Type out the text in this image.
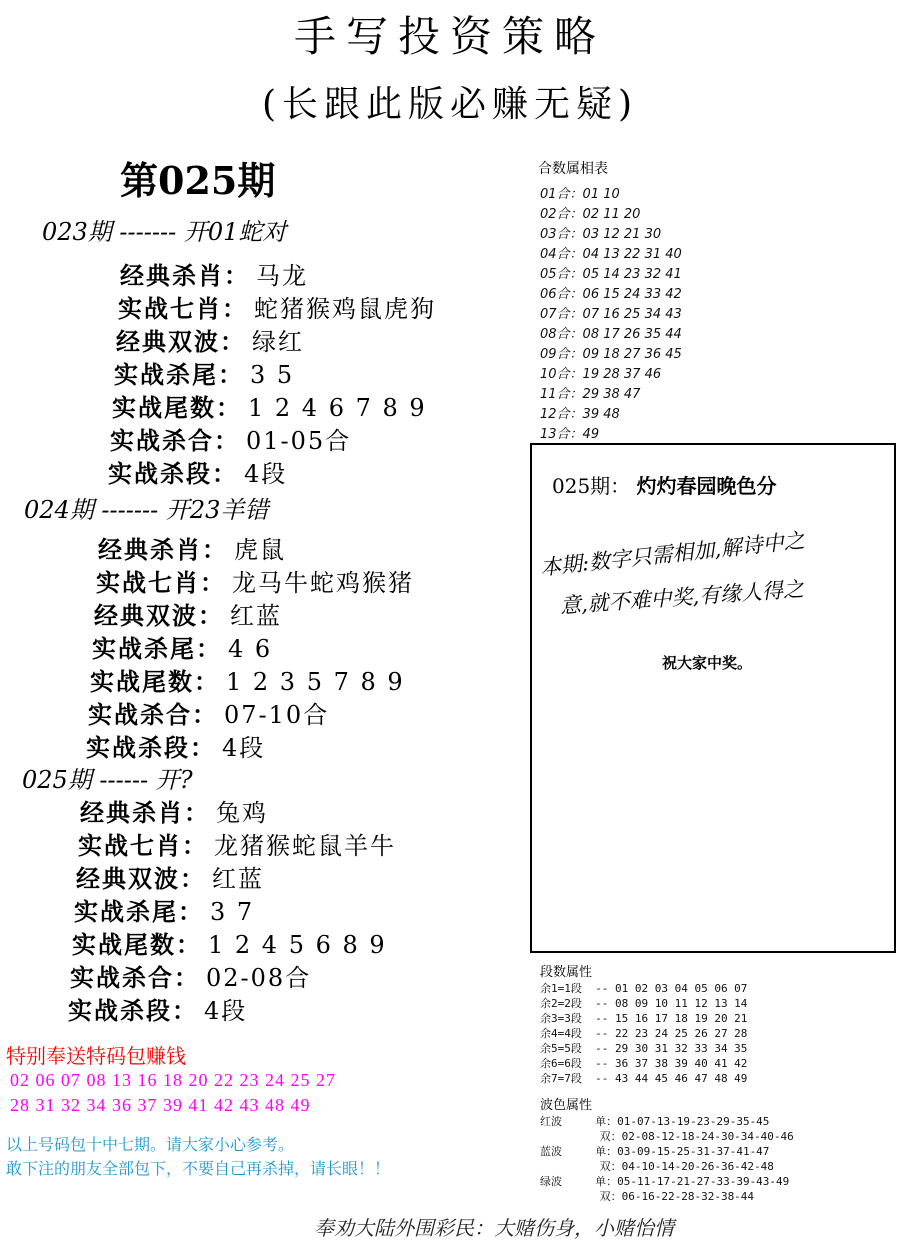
手写投资策略
(长跟此版必赚无疑)
第025期
023期 ------- 开01蛇对
经典杀肖： 马龙
实战七肖： 蛇猪猴鸡鼠虎狗
经典双波： 绿红
实战杀尾： 3 5
实战尾数： 1 2 4 6 7 8 9
实战杀合： 01-05合
实战杀段： 4段
024期 ------- 开23羊错
经典杀肖： 虎鼠
实战七肖： 龙马牛蛇鸡猴猪
经典双波： 红蓝
实战杀尾： 4 6
实战尾数： 1 2 3 5 7 8 9
实战杀合： 07-10合
实战杀段： 4段
025期 ------ 开?
经典杀肖： 兔鸡
实战七肖： 龙猪猴蛇鼠羊牛
经典双波： 红蓝
实战杀尾： 3 7
实战尾数： 1 2 4 5 6 8 9
实战杀合： 02-08合
实战杀段： 4段
合数属相表
01合：01 10
02合：02 11 20
03合：03 12 21 30
04合：04 13 22 31 40
05合：05 14 23 32 41
06合：06 15 24 33 42
07合：07 16 25 34 43
08合：08 17 26 35 44
09合：09 18 27 36 45
10合：19 28 37 46
11合：29 38 47
12合：39 48
13合：49
025期： 灼灼春园晚色分
本期:数字只需相加,解诗中之
意,就不难中奖,有缘人得之
祝大家中奖。
段数属性
余1=1段  -- 01 02 03 04 05 06 07
余2=2段  -- 08 09 10 11 12 13 14
余3=3段  -- 15 16 17 18 19 20 21
余4=4段  -- 22 23 24 25 26 27 28
余5=5段  -- 29 30 31 32 33 34 35
余6=6段  -- 36 37 38 39 40 41 42
余7=7段  -- 43 44 45 46 47 48 49
波色属性
红波     单：01-07-13-19-23-29-35-45
双：02-08-12-18-24-30-34-40-46
蓝波     单：03-09-15-25-31-37-41-47
双：04-10-14-20-26-36-42-48
绿波     单：05-11-17-21-27-33-39-43-49
双：06-16-22-28-32-38-44
特别奉送特码包赚钱
02 06 07 08 13 16 18 20 22 23 24 25 27
28 31 32 34 36 37 39 41 42 43 48 49
以上号码包十中七期。请大家小心参考。
敢下注的朋友全部包下，不要自己再杀掉，请长眼！！
奉劝大陆外围彩民：大赌伤身，小赌怡情
